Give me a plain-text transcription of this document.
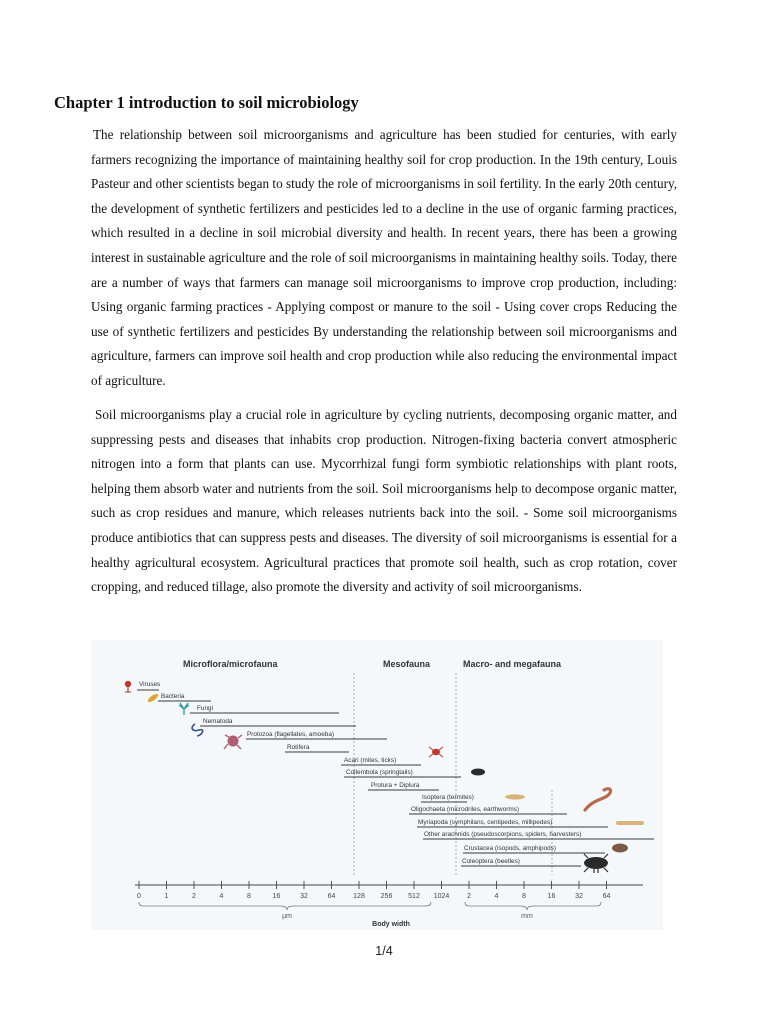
Chapter 1 introduction to soil microbiology

The relationship between soil microorganisms and agriculture has been studied for centuries, with early farmers recognizing the importance of maintaining healthy soil for crop production. In the 19th century, Louis Pasteur and other scientists began to study the role of microorganisms in soil fertility. In the early 20th century, the development of synthetic fertilizers and pesticides led to a decline in the use of organic farming practices, which resulted in a decline in soil microbial diversity and health. In recent years, there has been a growing interest in sustainable agriculture and the role of soil microorganisms in maintaining healthy soils. Today, there are a number of ways that farmers can manage soil microorganisms to improve crop production, including: Using organic farming practices - Applying compost or manure to the soil - Using cover crops Reducing the use of synthetic fertilizers and pesticides By understanding the relationship between soil microorganisms and agriculture, farmers can improve soil health and crop production while also reducing the environmental impact of agriculture.

Soil microorganisms play a crucial role in agriculture by cycling nutrients, decomposing organic matter, and suppressing pests and diseases that inhabits crop production. Nitrogen-fixing bacteria convert atmospheric nitrogen into a form that plants can use. Mycorrhizal fungi form symbiotic relationships with plant roots, helping them absorb water and nutrients from the soil. Soil microorganisms help to decompose organic matter, such as crop residues and manure, which releases nutrients back into the soil. - Some soil microorganisms produce antibiotics that can suppress pests and diseases. The diversity of soil microorganisms is essential for a healthy agricultural ecosystem. Agricultural practices that promote soil health, such as crop rotation, cover cropping, and reduced tillage, also promote the diversity and activity of soil microorganisms.

Microflora/microfauna	Mesofauna	Macro- and megafauna
Viruses
Bacteria
Fungi
Nematoda
Protozoa (flagellates, amoeba)
Rotifera
Acari (mites, ticks)
Collembola (springtails)
Protura + Diplura
Isoptera (termites)
Oligochaeta (microdriles, earthworms)
Myriapoda (symphilans, centipedes, millipedes)
Other arachnids (pseudoscorpions, spiders, harvesters)
Crustacea (isopods, amphipods)
Coleoptera (beetles)
0	1	2	4	8	16	32	64	128 256 512 1024	2	4	8	16	32	64
μm	mm
Body width
1/4
